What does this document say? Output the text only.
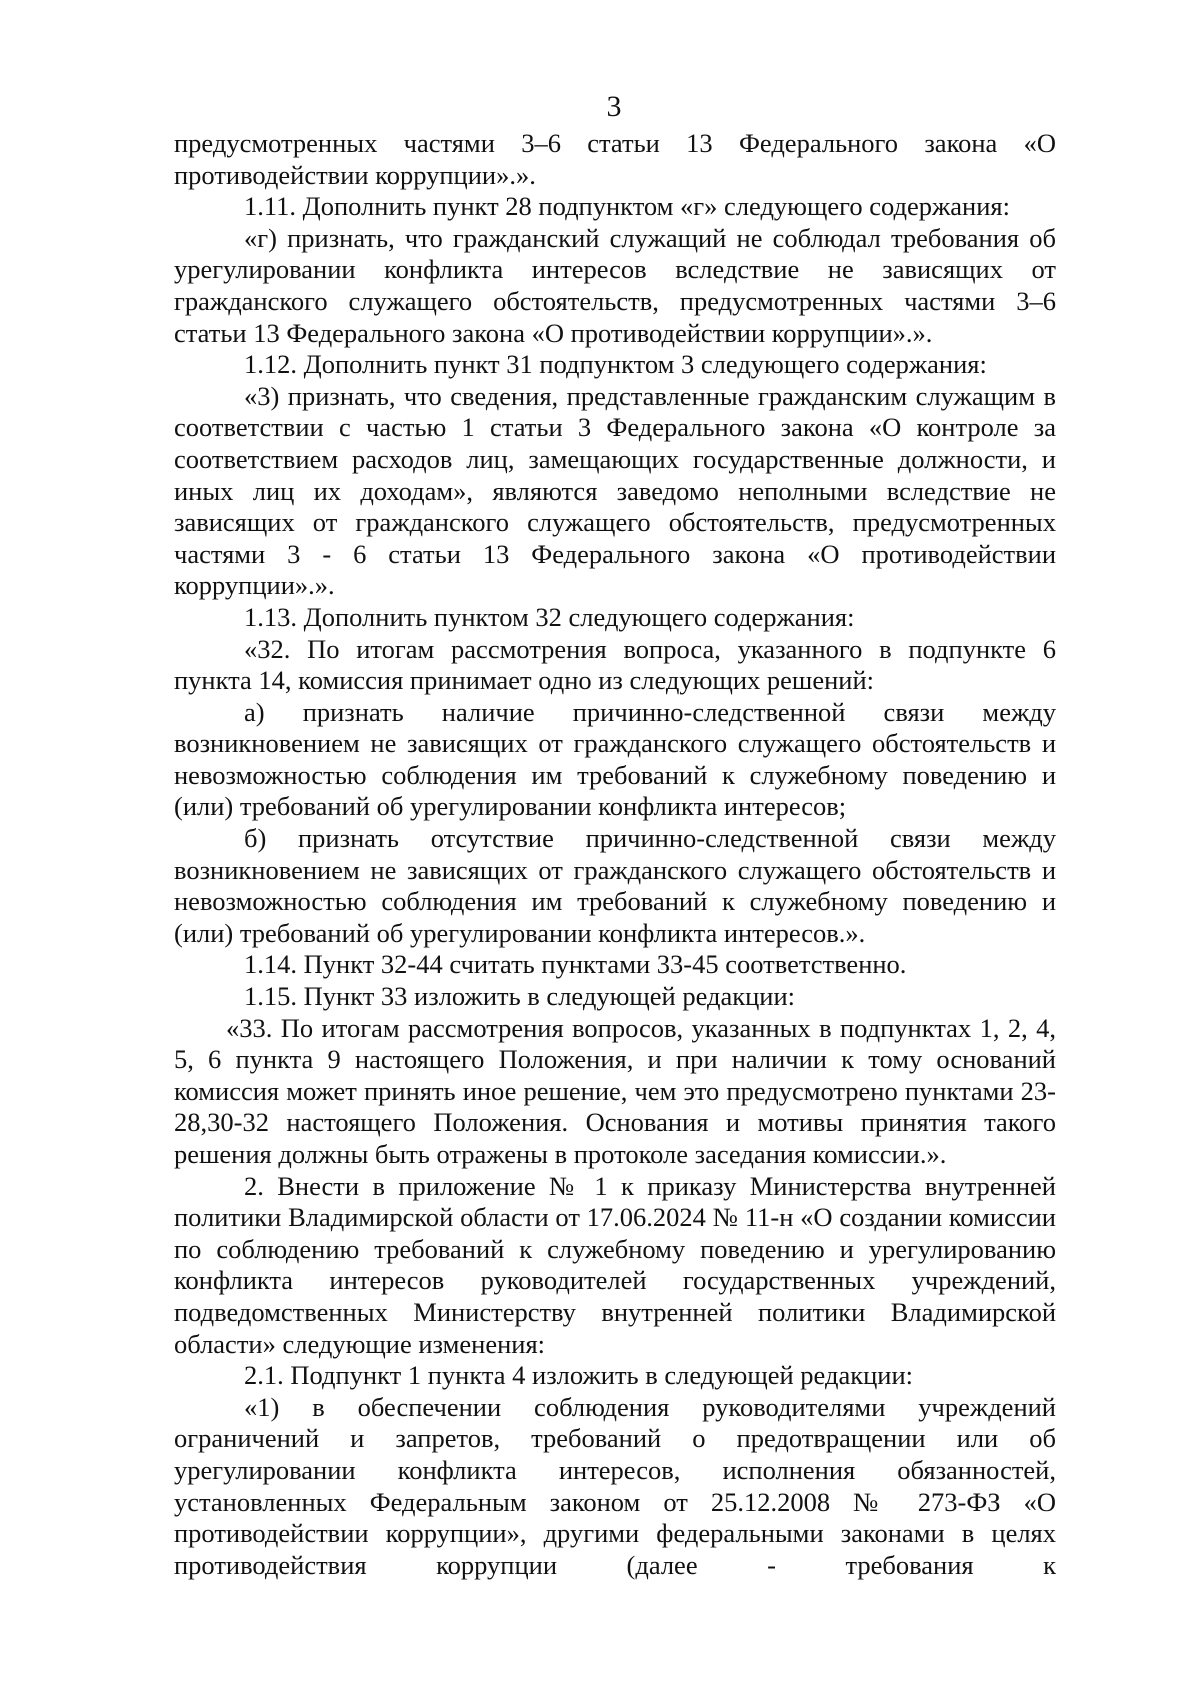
3

предусмотренных частями 3–6 статьи 13 Федерального закона «О противодействии коррупции».».

1.11. Дополнить пункт 28 подпунктом «г» следующего содержания:

«г) признать, что гражданский служащий не соблюдал требования об урегулировании конфликта интересов вследствие не зависящих от гражданского служащего обстоятельств, предусмотренных частями 3–6 статьи 13 Федерального закона «О противодействии коррупции».».

1.12. Дополнить пункт 31 подпунктом 3 следующего содержания:

«3) признать, что сведения, представленные гражданским служащим в соответствии с частью 1 статьи 3 Федерального закона «О контроле за соответствием расходов лиц, замещающих государственные должности, и иных лиц их доходам», являются заведомо неполными вследствие не зависящих от гражданского служащего обстоятельств, предусмотренных частями 3 - 6 статьи 13 Федерального закона «О противодействии коррупции».».

1.13. Дополнить пунктом 32 следующего содержания:

«32. По итогам рассмотрения вопроса, указанного в подпункте 6 пункта 14, комиссия принимает одно из следующих решений:

а) признать наличие причинно-следственной связи между возникновением не зависящих от гражданского служащего обстоятельств и невозможностью соблюдения им требований к служебному поведению и (или) требований об урегулировании конфликта интересов;

б) признать отсутствие причинно-следственной связи между возникновением не зависящих от гражданского служащего обстоятельств и невозможностью соблюдения им требований к служебному поведению и (или) требований об урегулировании конфликта интересов.».

1.14. Пункт 32-44 считать пунктами 33-45 соответственно.

1.15. Пункт 33 изложить в следующей редакции:

«33. По итогам рассмотрения вопросов, указанных в подпунктах 1, 2, 4, 5, 6 пункта 9 настоящего Положения, и при наличии к тому оснований комиссия может принять иное решение, чем это предусмотрено пунктами 23-28,30-32 настоящего Положения. Основания и мотивы принятия такого решения должны быть отражены в протоколе заседания комиссии.».

2. Внести в приложение № 1 к приказу Министерства внутренней политики Владимирской области от 17.06.2024 № 11-н «О создании комиссии по соблюдению требований к служебному поведению и урегулированию конфликта интересов руководителей государственных учреждений, подведомственных Министерству внутренней политики Владимирской области» следующие изменения:

2.1. Подпункт 1 пункта 4 изложить в следующей редакции:

«1) в обеспечении соблюдения руководителями учреждений ограничений и запретов, требований о предотвращении или об урегулировании конфликта интересов, исполнения обязанностей, установленных Федеральным законом от 25.12.2008 № 273-ФЗ «О противодействии коррупции», другими федеральными законами в целях противодействия коррупции (далее - требования к
